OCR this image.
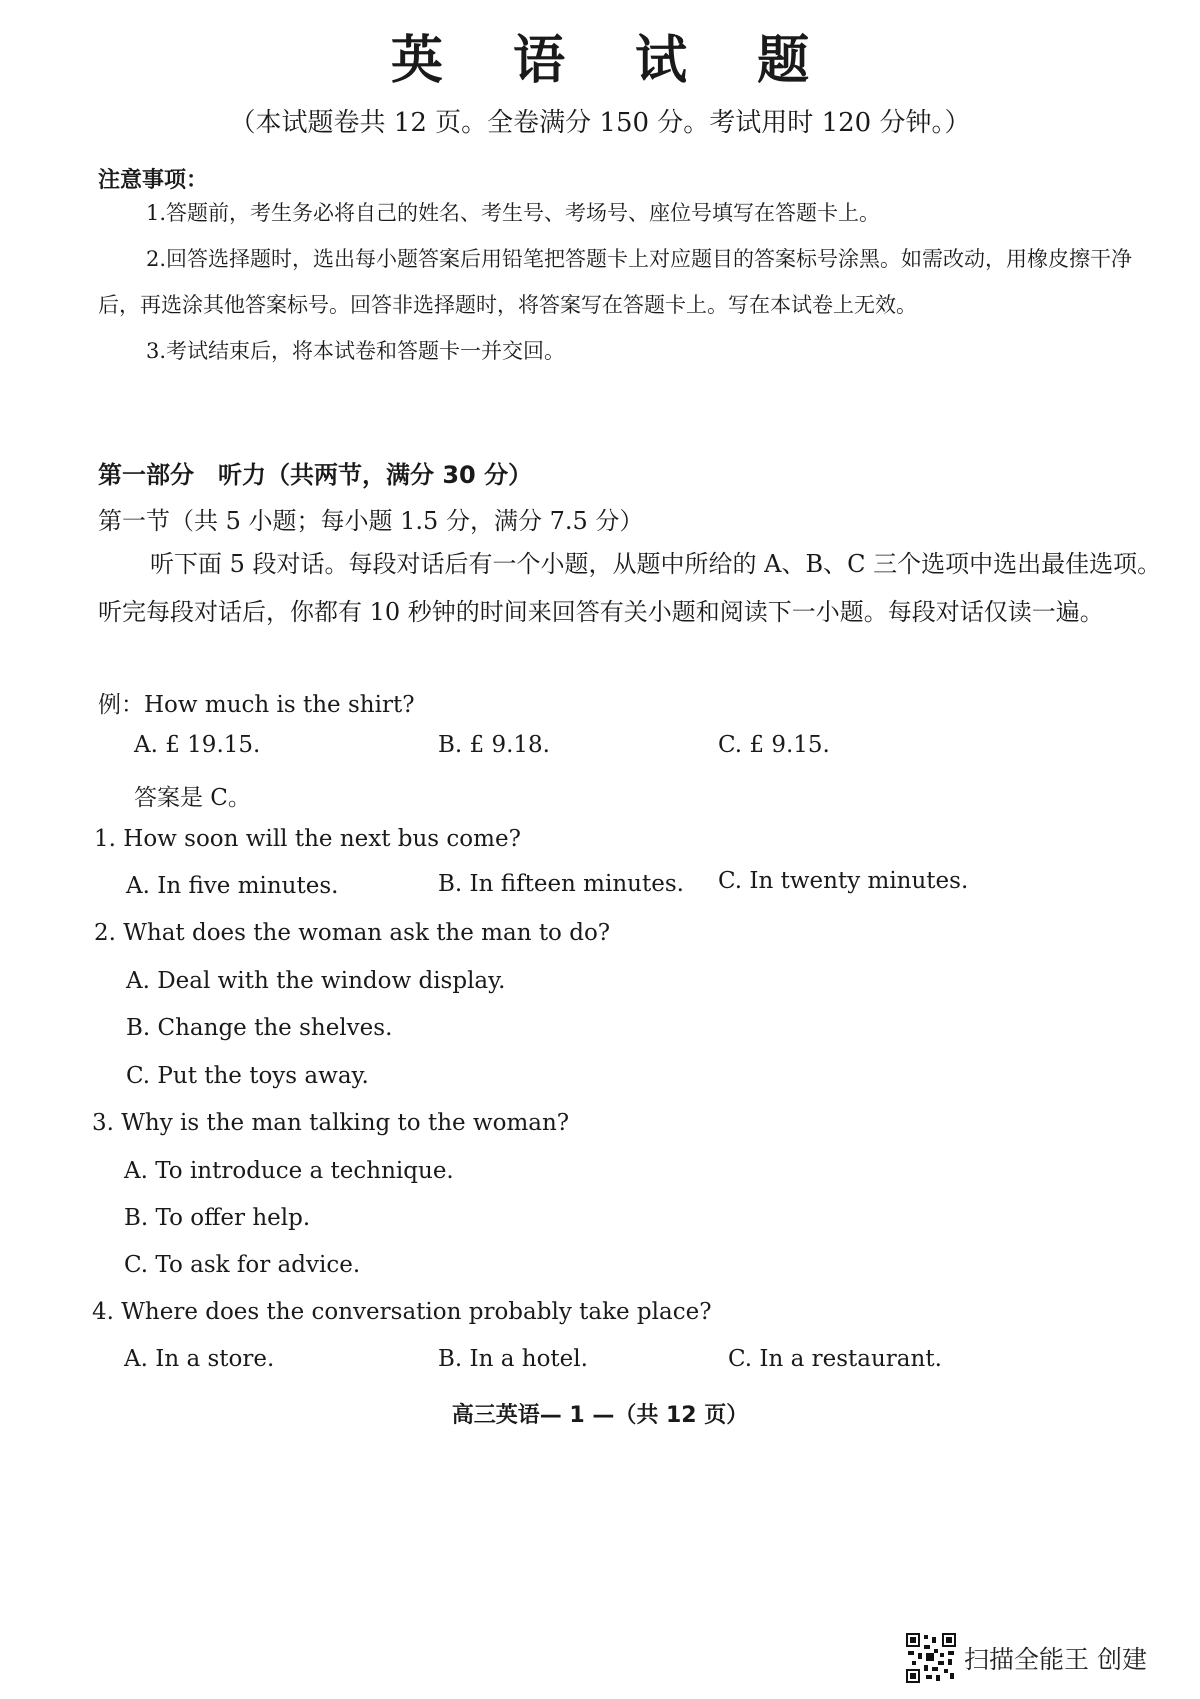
英 语 试 题
（本试题卷共 12 页。全卷满分 150 分。考试用时 120 分钟。）
注意事项：

1.答题前，考生务必将自己的姓名、考生号、考场号、座位号填写在答题卡上。

2.回答选择题时，选出每小题答案后用铅笔把答题卡上对应题目的答案标号涂黑。如需改动，用橡皮擦干净后，再选涂其他答案标号。回答非选择题时，将答案写在答题卡上。写在本试卷上无效。

3.考试结束后，将本试卷和答题卡一并交回。

第一部分　听力（共两节，满分 30 分）
第一节（共 5 小题；每小题 1.5 分，满分 7.5 分）

听下面 5 段对话。每段对话后有一个小题，从题中所给的 A、B、C 三个选项中选出最佳选项。听完每段对话后，你都有 10 秒钟的时间来回答有关小题和阅读下一小题。每段对话仅读一遍。

例：How much is the shirt?
A. £ 19.15.	B. £ 9.18.	C. £ 9.15.
答案是 C。
1. How soon will the next bus come?
A. In five minutes.	B. In fifteen minutes. C. In twenty minutes.
2. What does the woman ask the man to do?
A. Deal with the window display.
B. Change the shelves.
C. Put the toys away.
3. Why is the man talking to the woman?
A. To introduce a technique.
B. To offer help.
C. To ask for advice.
4. Where does the conversation probably take place?
A. In a store.	B. In a hotel.	C. In a restaurant.
高三英语— 1 —（共 12 页）
扫描全能王 创建
